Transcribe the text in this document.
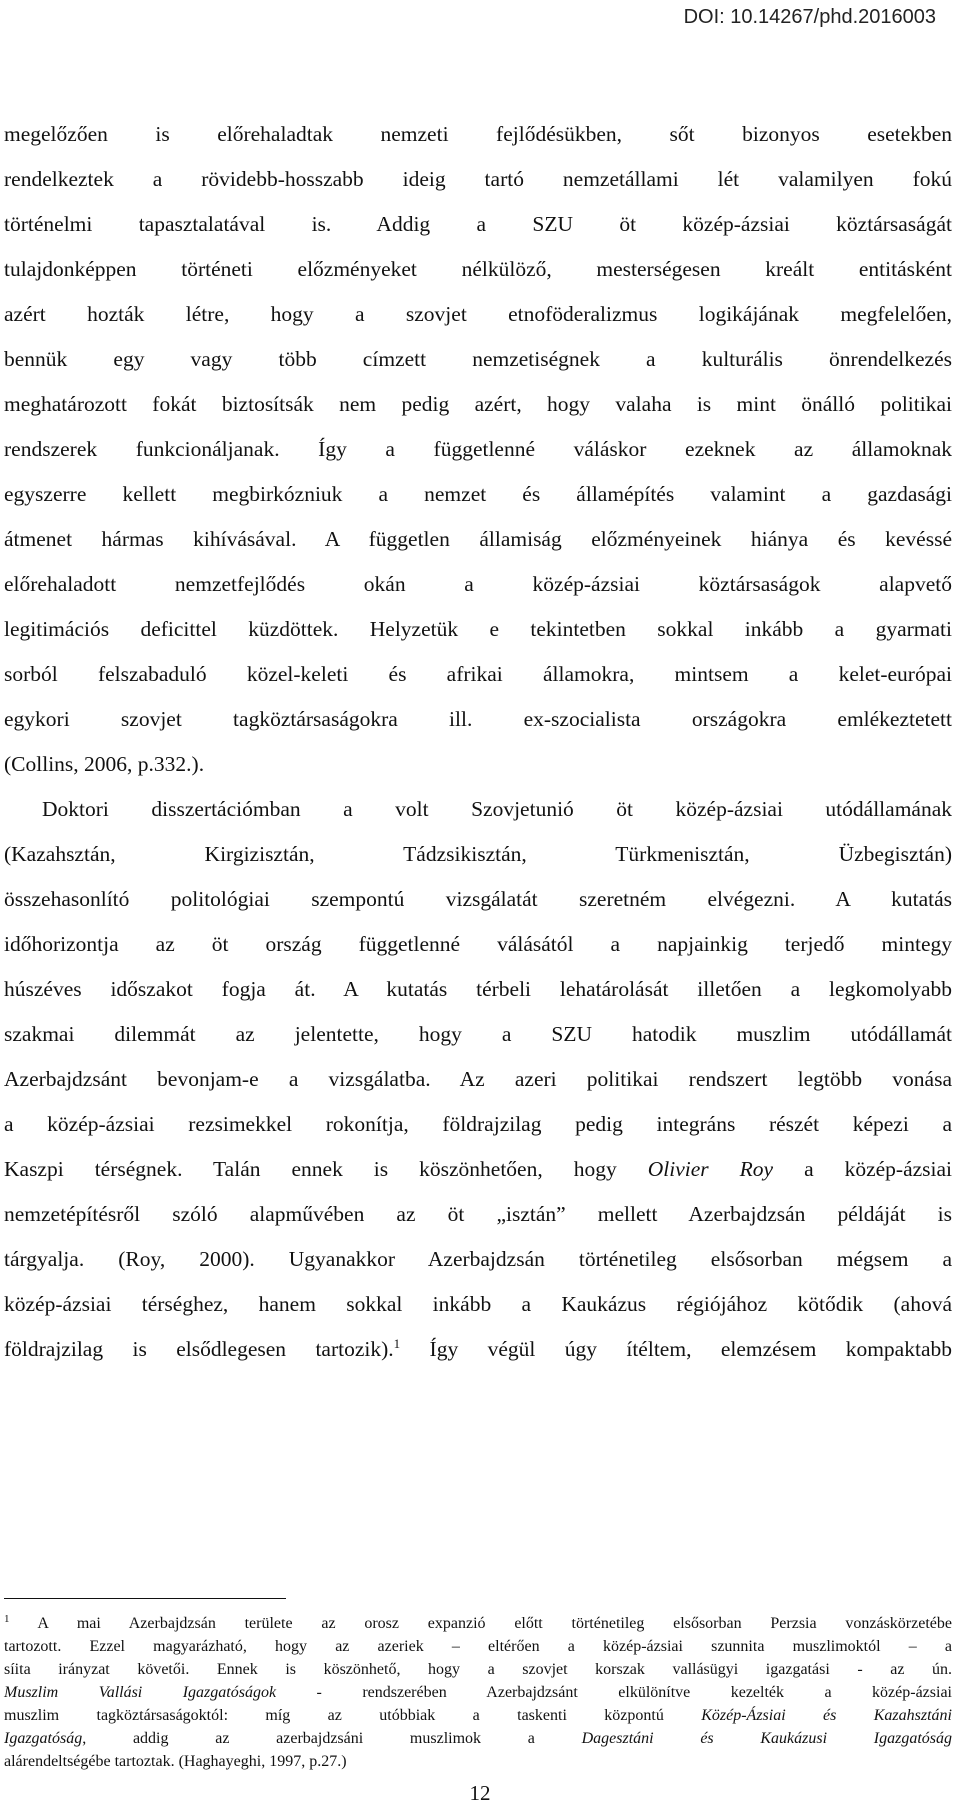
DOI: 10.14267/phd.2016003
megelőzően is előrehaladtak nemzeti fejlődésükben, sőt bizonyos esetekben
rendelkeztek a rövidebb-hosszabb ideig tartó nemzetállami lét valamilyen fokú
történelmi tapasztalatával is. Addig a SZU öt közép-ázsiai köztársaságát
tulajdonképpen történeti előzményeket nélkülöző, mesterségesen kreált entitásként
azért hozták létre, hogy a szovjet etnoföderalizmus logikájának megfelelően,
bennük egy vagy több címzett nemzetiségnek a kulturális önrendelkezés
meghatározott fokát biztosítsák nem pedig azért, hogy valaha is mint önálló politikai
rendszerek funkcionáljanak. Így a függetlenné váláskor ezeknek az államoknak
egyszerre kellett megbirkózniuk a nemzet és államépítés valamint a gazdasági
átmenet hármas kihívásával. A független államiság előzményeinek hiánya és kevéssé
előrehaladott nemzetfejlődés okán a közép-ázsiai köztársaságok alapvető
legitimációs deficittel küzdöttek. Helyzetük e tekintetben sokkal inkább a gyarmati
sorból felszabaduló közel-keleti és afrikai államokra, mintsem a kelet-európai
egykori szovjet tagköztársaságokra ill. ex-szocialista országokra emlékeztetett
(Collins, 2006, p.332.).
Doktori disszertációmban a volt Szovjetunió öt közép-ázsiai utódállamának
(Kazahsztán, Kirgizisztán, Tádzsikisztán, Türkmenisztán, Üzbegisztán)
összehasonlító politológiai szempontú vizsgálatát szeretném elvégezni. A kutatás
időhorizontja az öt ország függetlenné válásától a napjainkig terjedő mintegy
húszéves időszakot fogja át. A kutatás térbeli lehatárolását illetően a legkomolyabb
szakmai dilemmát az jelentette, hogy a SZU hatodik muszlim utódállamát
Azerbajdzsánt bevonjam-e a vizsgálatba. Az azeri politikai rendszert legtöbb vonása
a közép-ázsiai rezsimekkel rokonítja, földrajzilag pedig integráns részét képezi a
Kaszpi térségnek. Talán ennek is köszönhetően, hogy Olivier Roy a közép-ázsiai
nemzetépítésről szóló alapművében az öt „isztán” mellett Azerbajdzsán példáját is
tárgyalja. (Roy, 2000). Ugyanakkor Azerbajdzsán történetileg elsősorban mégsem a
közép-ázsiai térséghez, hanem sokkal inkább a Kaukázus régiójához kötődik (ahová
földrajzilag is elsődlegesen tartozik).$^1$ Így végül úgy ítéltem, elemzésem kompaktabb
$^1$ A mai Azerbajdzsán területe az orosz expanzió előtt történetileg elsősorban Perzsia vonzáskörzetébe
tartozott. Ezzel magyarázható, hogy az azeriek – eltérően a közép-ázsiai szunnita muszlimoktól – a
síita irányzat követői. Ennek is köszönhető, hogy a szovjet korszak vallásügyi igazgatási - az ún.
Muszlim Vallási Igazgatóságok	- rendszerében Azerbajdzsánt elkülönítve kezelték a közép-ázsiai
muszlim tagköztársaságoktól: míg az utóbbiak a taskenti központú Közép-Ázsiai és Kazahsztáni
12
Igazgatóság, addig az azerbajdzsáni muszlimok a	Dagesztáni és Kaukázusi Igazgatóság
alárendeltségébe tartoztak. (Haghayeghi, 1997, p.27.)
